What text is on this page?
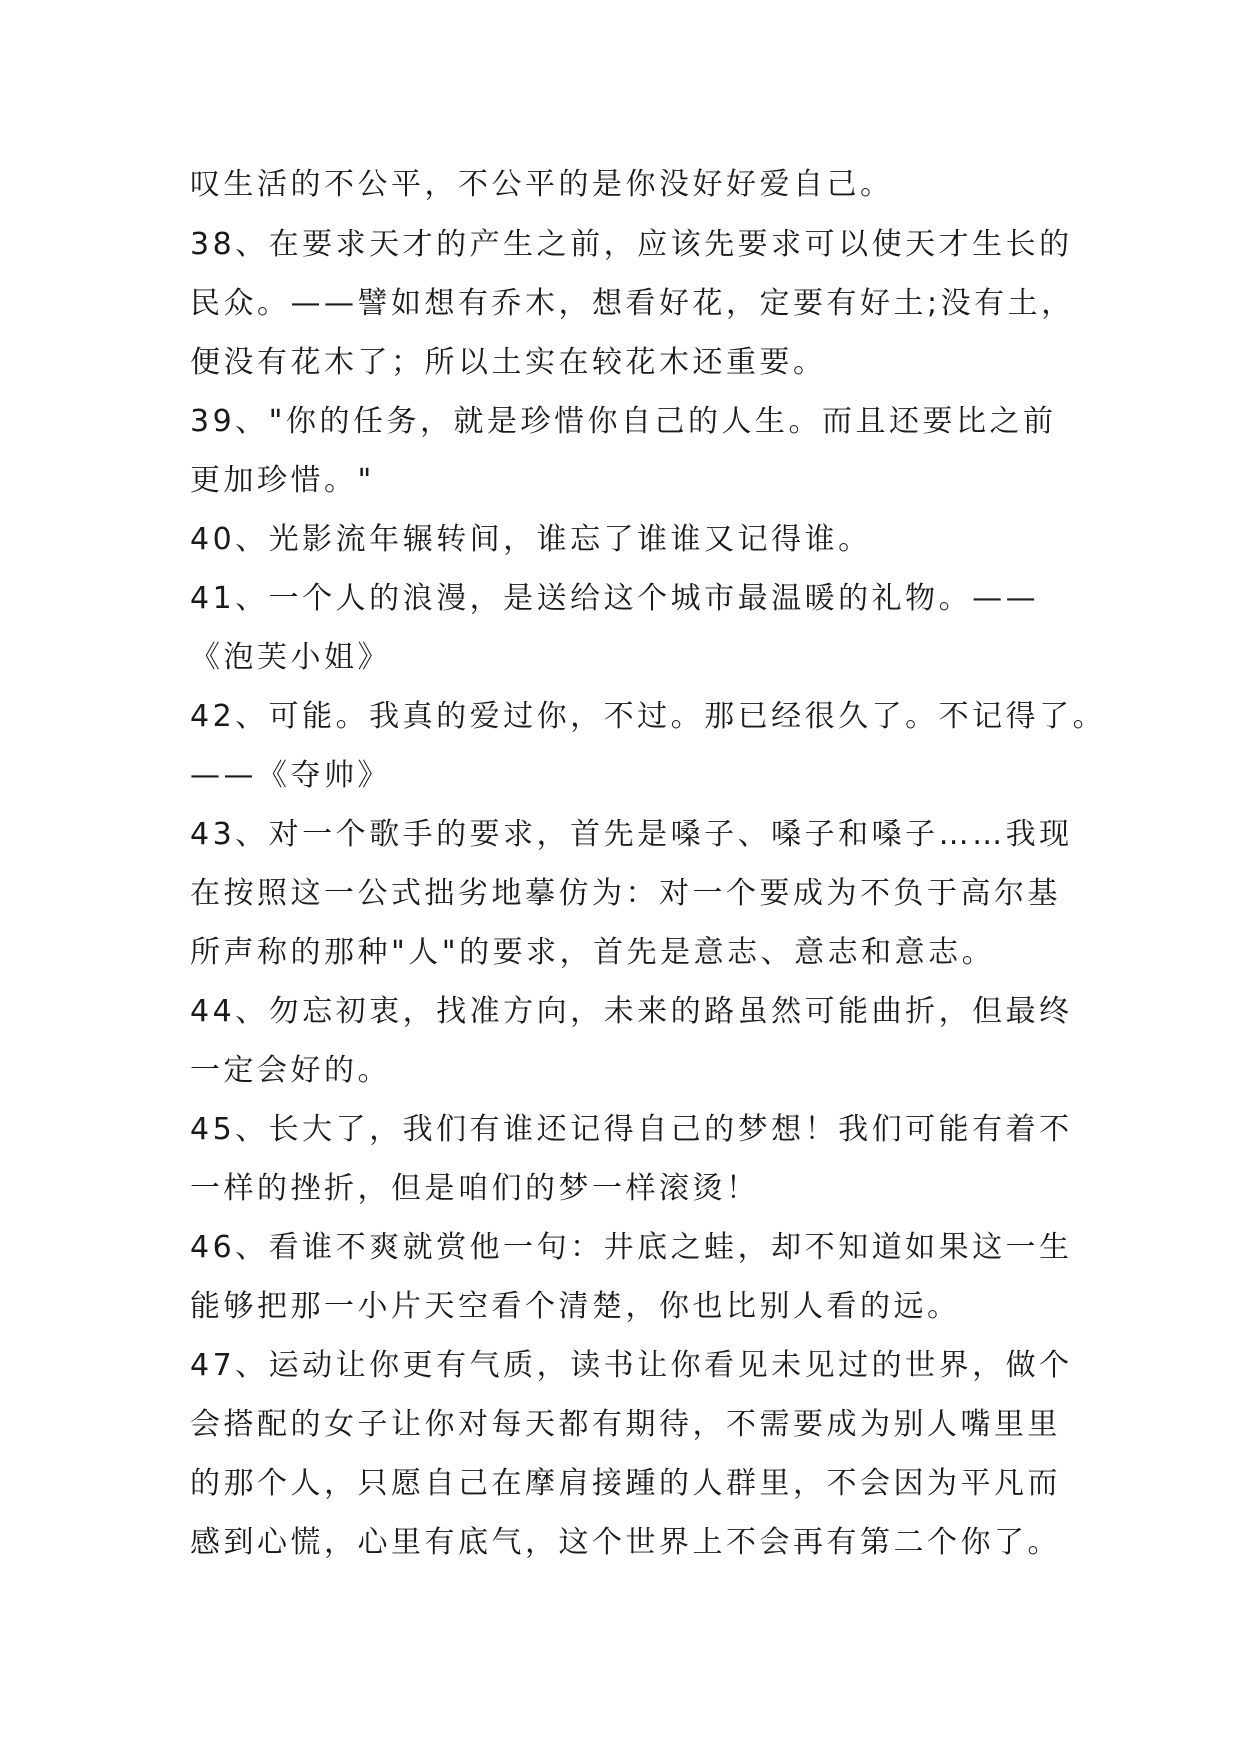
叹生活的不公平，不公平的是你没好好爱自己。
38、在要求天才的产生之前，应该先要求可以使天才生长的
民众。——譬如想有乔木，想看好花，定要有好土;没有土，
便没有花木了；所以土实在较花木还重要。
39、"你的任务，就是珍惜你自己的人生。而且还要比之前
更加珍惜。"
40、光影流年辗转间，谁忘了谁谁又记得谁。
41、一个人的浪漫，是送给这个城市最温暖的礼物。——
《泡芙小姐》
42、可能。我真的爱过你，不过。那已经很久了。不记得了。
——《夺帅》
43、对一个歌手的要求，首先是嗓子、嗓子和嗓子……我现
在按照这一公式拙劣地摹仿为：对一个要成为不负于高尔基
所声称的那种"人"的要求，首先是意志、意志和意志。
44、勿忘初衷，找准方向，未来的路虽然可能曲折，但最终
一定会好的。
45、长大了，我们有谁还记得自己的梦想！我们可能有着不
一样的挫折，但是咱们的梦一样滚烫！
46、看谁不爽就赏他一句：井底之蛙，却不知道如果这一生
能够把那一小片天空看个清楚，你也比别人看的远。
47、运动让你更有气质，读书让你看见未见过的世界，做个
会搭配的女子让你对每天都有期待，不需要成为别人嘴里里
的那个人，只愿自己在摩肩接踵的人群里，不会因为平凡而
感到心慌，心里有底气，这个世界上不会再有第二个你了。
